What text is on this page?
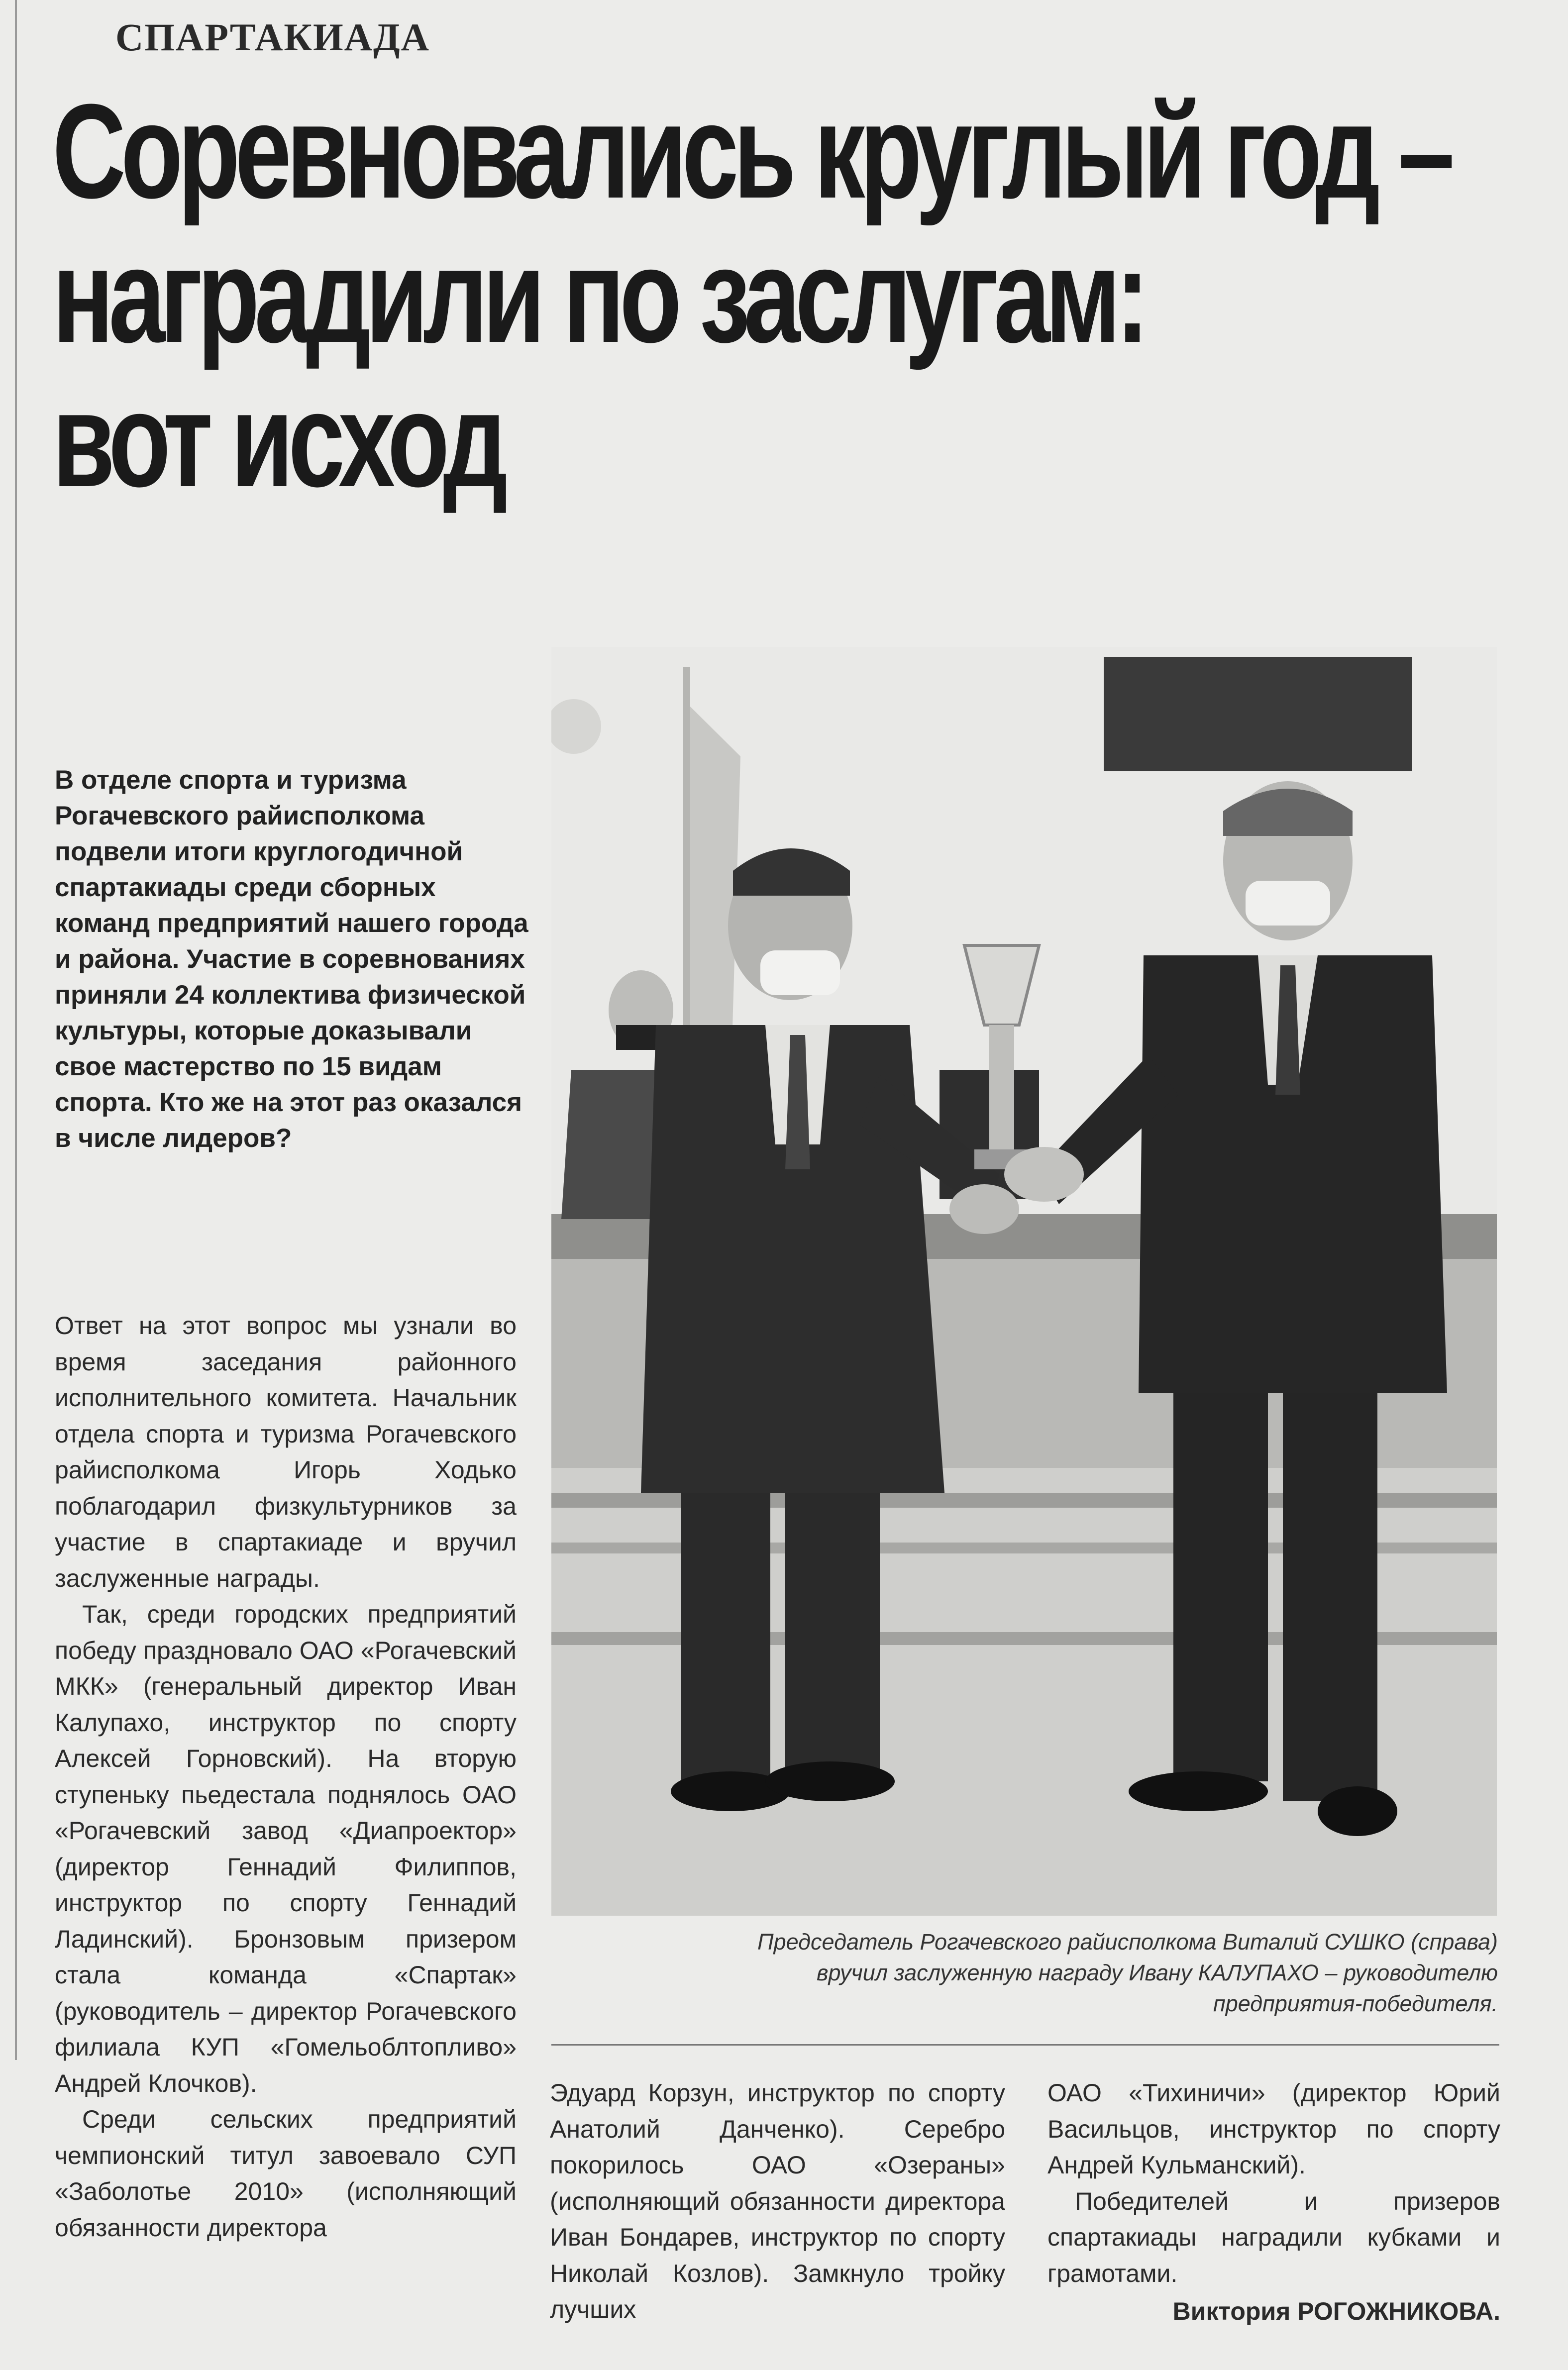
СПАРТАКИАДА
Соревновались круглый год –
наградили по заслугам:
вот исход

В отделе спорта и туризма Рогачевского райисполкома подвели итоги круглогодичной спартакиады среди сборных команд предприятий нашего города и района. Участие в соревнованиях приняли 24 коллектива физической культуры, которые доказывали свое мастерство по 15 видам спорта. Кто же на этот раз оказался в числе лидеров?

Ответ на этот вопрос мы узнали во время заседания районного исполнительного комитета. Начальник отдела спорта и туризма Рогачевского райисполкома Игорь Ходько поблагодарил физкультурников за участие в спартакиаде и вручил заслуженные награды.

Так, среди городских предприятий победу праздновало ОАО «Рогачевский МКК» (генеральный директор Иван Калупахо, инструктор по спорту Алексей Горновский). На вторую ступеньку пьедестала поднялось ОАО «Рогачевский завод «Диапроектор» (директор Геннадий Филиппов, инструктор по спорту Геннадий Ладинский). Бронзовым призером стала команда «Спартак» (руководитель – директор Рогачевского филиала КУП «Гомельоблтопливо» Андрей Клочков).

Среди сельских предприятий чемпионский титул завоевало СУП «Заболотье 2010» (исполняющий обязанности директора

Председатель Рогачевского райисполкома Виталий СУШКО (справа)
вручил заслуженную награду Ивану КАЛУПАХО – руководителю
предприятия-победителя.

Эдуард Корзун, инструктор по спорту Анатолий Данченко). Серебро покорилось ОАО «Озераны» (исполняющий обязанности директора Иван Бондарев, инструктор по спорту Николай Козлов). Замкнуло тройку лучших

ОАО «Тихиничи» (директор Юрий Васильцов, инструктор по спорту Андрей Кульманский).

Победителей и призеров спартакиады наградили кубками и грамотами.

Виктория РОГОЖНИКОВА.
